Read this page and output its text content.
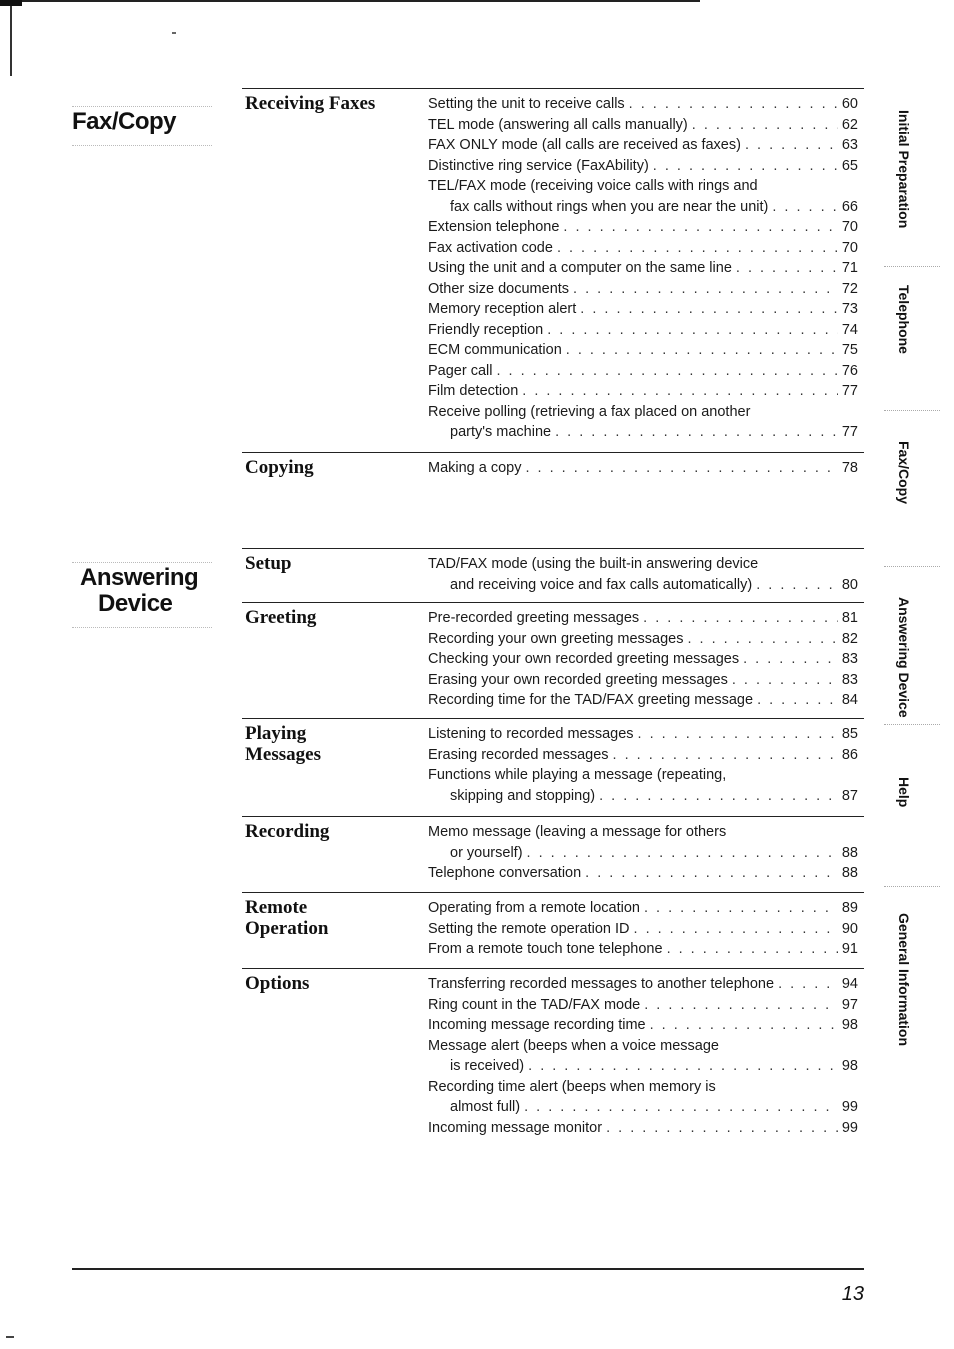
Fax/Copy
Answering
Device
Receiving Faxes	Setting the unit to receive calls . . .	60
TEL mode (answering all calls manually) . . .	62
FAX ONLY mode (all calls are received as faxes) . . .	63
Distinctive ring service (FaxAbility) . . .	65
TEL/FAX mode (receiving voice calls with rings and
fax calls without rings when you are near the unit) . . .	66
Extension telephone . . .	70
Fax activation code . . .	70
Using the unit and a computer on the same line . . .	71
Other size documents . . .	72
Memory reception alert . . .	73
Friendly reception . . .	74
ECM communication . . .	75
Pager call . . .	76
Film detection . . .	77
Receive polling (retrieving a fax placed on another
party's machine . . .	77
Copying	Making a copy . . .	78
Setup	TAD/FAX mode (using the built-in answering device
and receiving voice and fax calls automatically) . . .	80
Greeting	Pre-recorded greeting messages . . .	81
Recording your own greeting messages . . .	82
Checking your own recorded greeting messages . . .	83
Erasing your own recorded greeting messages . . .	83
Recording time for the TAD/FAX greeting message . . .	84
Playing
Messages
Listening to recorded messages . . .	85
Erasing recorded messages . . .	86
Functions while playing a message (repeating,
skipping and stopping) . . .	87
Recording	Memo message (leaving a message for others
or yourself) . . .	88
Telephone conversation . . .	88
Remote
Operation
Operating from a remote location . . .	89
Setting the remote operation ID . . .	90
From a remote touch tone telephone . . .	91
Options	Transferring recorded messages to another telephone . . .	94
Ring count in the TAD/FAX mode . . .	97
Incoming message recording time . . .	98
Message alert (beeps when a voice message
is received) . . .	98
Recording time alert (beeps when memory is
almost full) . . .	99
Incoming message monitor . . .	99
Initial Preparation
Telephone
Fax/Copy
Answering Device
Help
General Information
13
